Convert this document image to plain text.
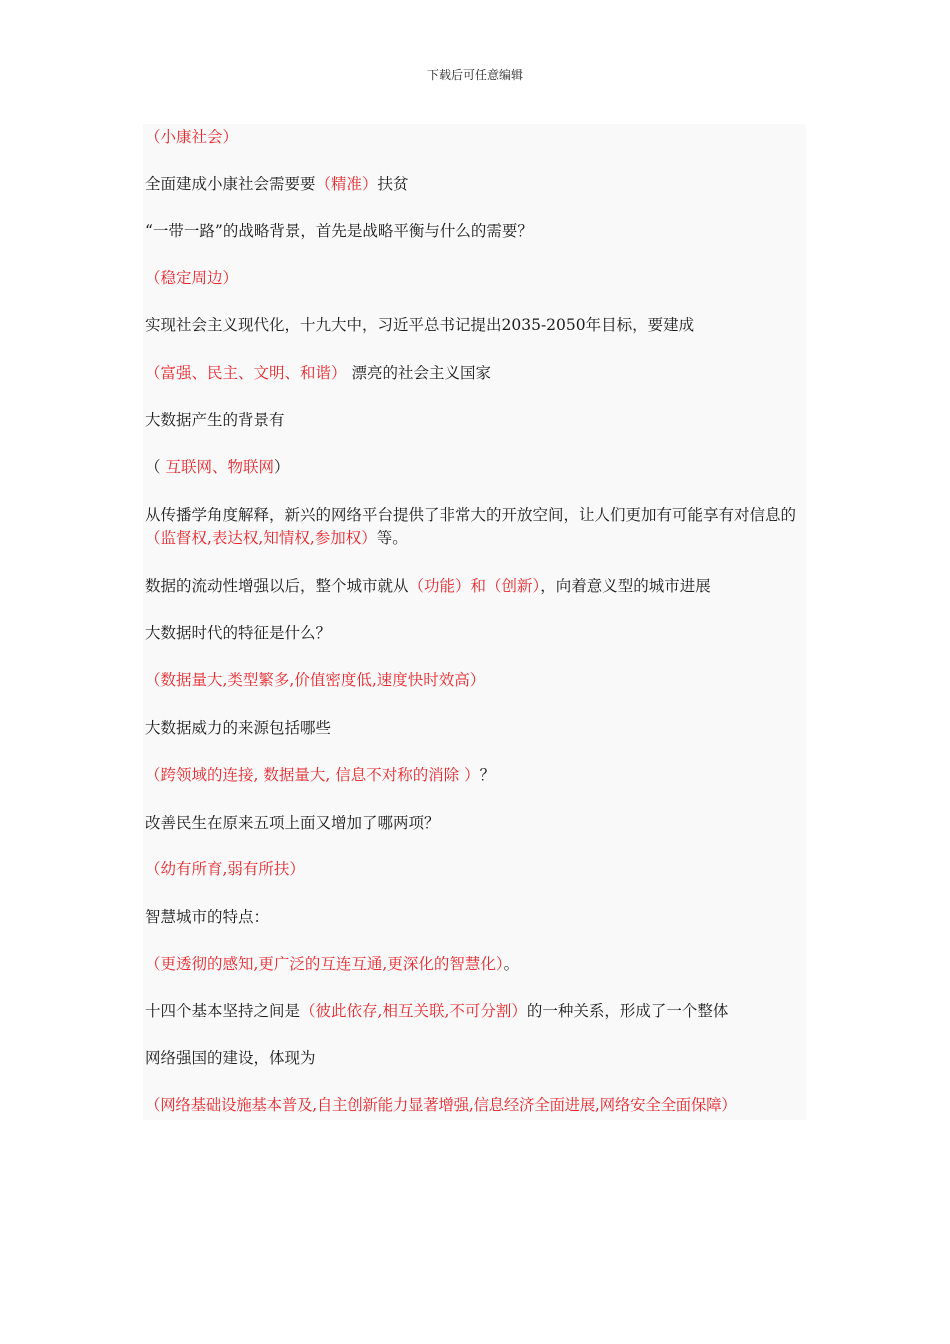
下载后可任意编辑
（小康社会）
全面建成小康社会需要要（精准）扶贫
“一带一路”的战略背景，首先是战略平衡与什么的需要？
（稳定周边）
实现社会主义现代化，十九大中，习近平总书记提出2035-2050年目标，要建成
（富强、民主、文明、和谐） 漂亮的社会主义国家
大数据产生的背景有
（ 互联网、物联网）
从传播学角度解释，新兴的网络平台提供了非常大的开放空间，让人们更加有可能享有对信息的（监督权,表达权,知情权,参加权）等。
数据的流动性增强以后，整个城市就从（功能）和（创新），向着意义型的城市进展
大数据时代的特征是什么？
（数据量大,类型繁多,价值密度低,速度快时效高）
大数据威力的来源包括哪些
（跨领域的连接, 数据量大, 信息不对称的消除 ）？
改善民生在原来五项上面又增加了哪两项？
（幼有所育,弱有所扶）
智慧城市的特点：
（更透彻的感知,更广泛的互连互通,更深化的智慧化）。
十四个基本坚持之间是（彼此依存,相互关联,不可分割）的一种关系，形成了一个整体
网络强国的建设，体现为
（网络基础设施基本普及,自主创新能力显著增强,信息经济全面进展,网络安全全面保障）
